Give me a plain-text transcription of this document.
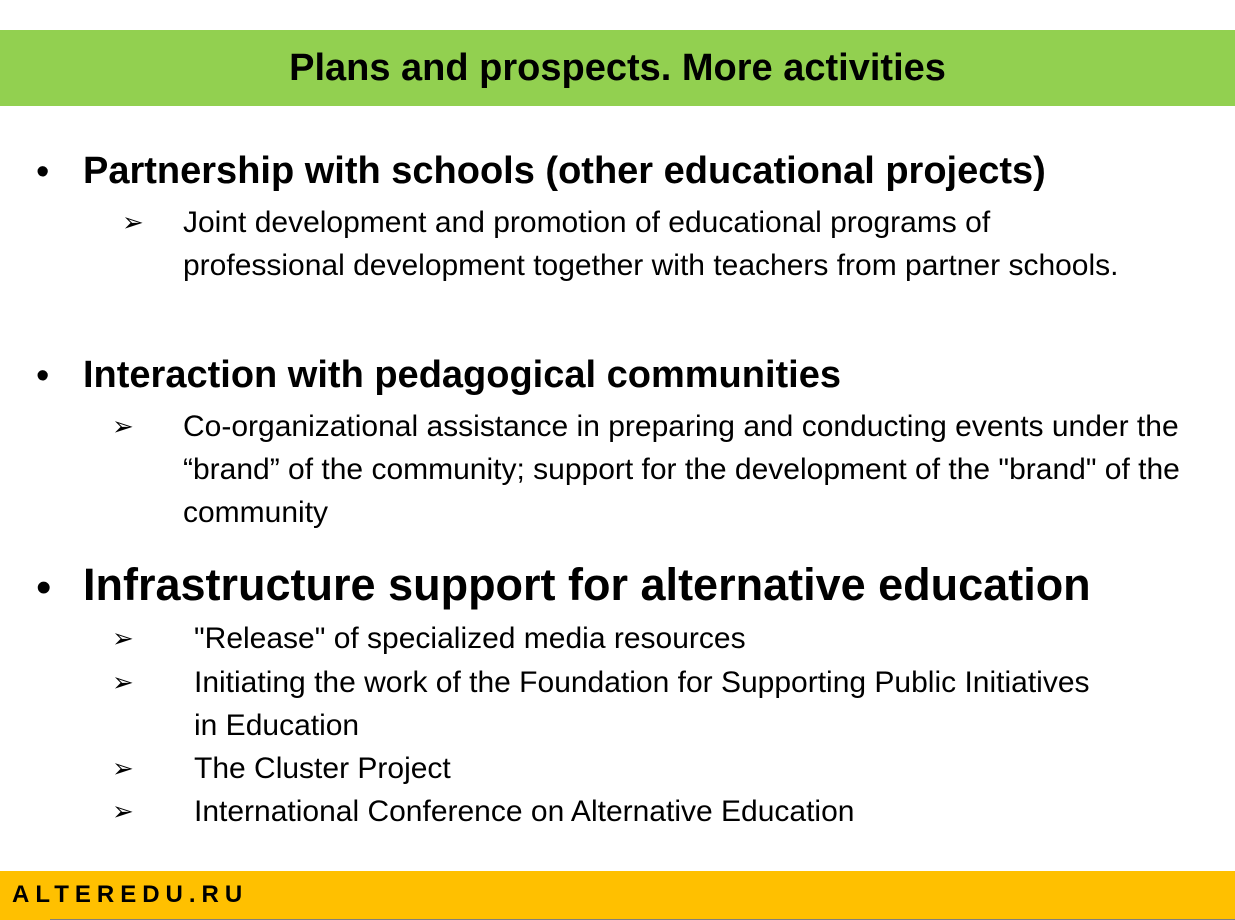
Plans and prospects. More activities
• Partnership with schools (other educational projects)
➢ Joint development and promotion of educational programs of professional development together with teachers from partner schools.
• Interaction with pedagogical communities
➢ Co-organizational assistance in preparing and conducting events under the “brand” of the community; support for the development of the "brand" of the community
• Infrastructure support for alternative education
➢ "Release" of specialized media resources
➢ Initiating the work of the Foundation for Supporting Public Initiatives in Education
➢ The Cluster Project
➢ International Conference on Alternative Education
ALTEREDU.RU
